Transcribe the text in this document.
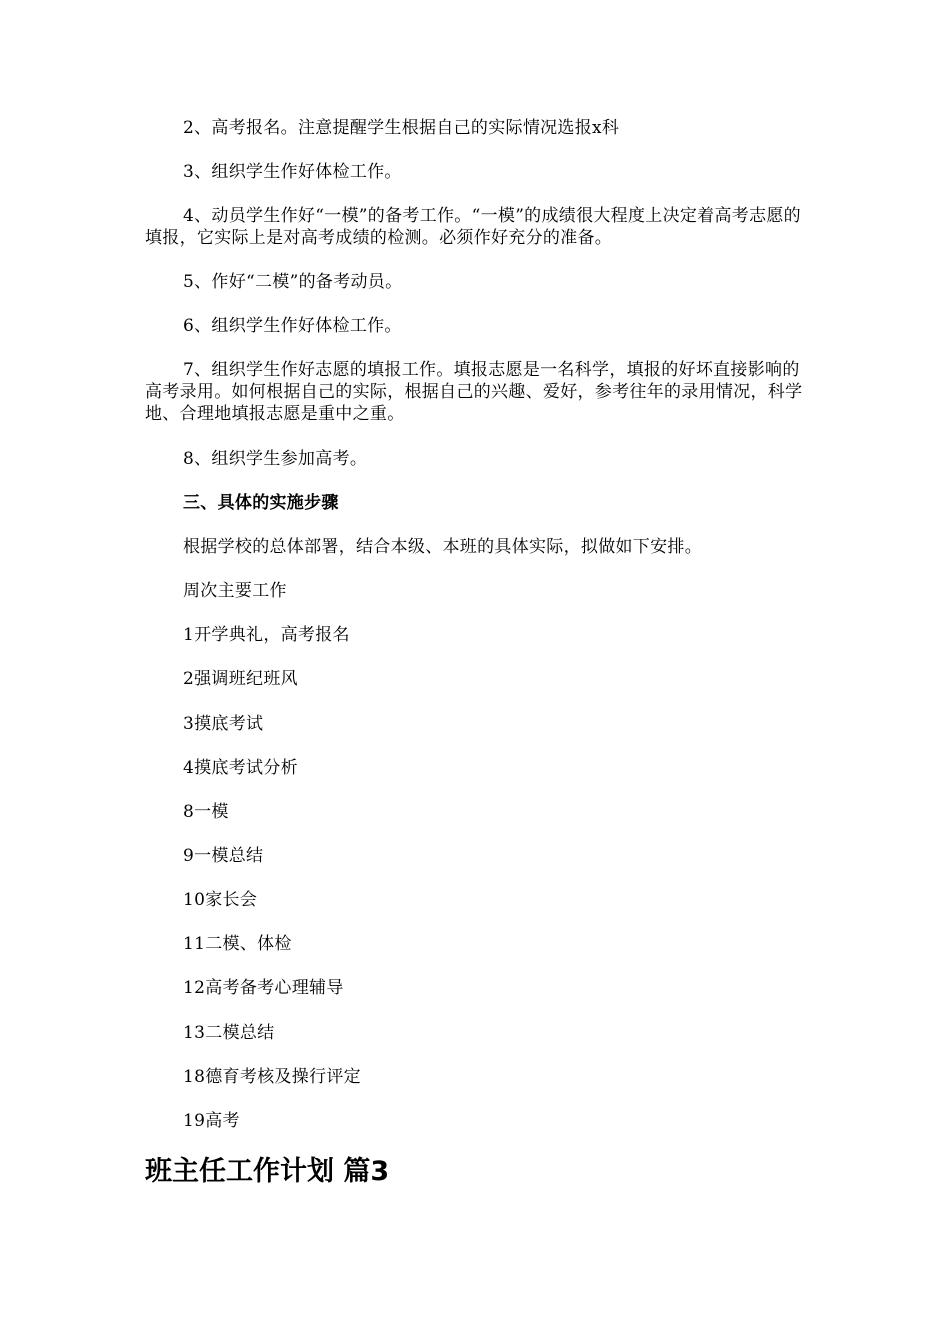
2、高考报名。注意提醒学生根据自己的实际情况选报x科

3、组织学生作好体检工作。

4、动员学生作好“一模”的备考工作。“一模”的成绩很大程度上决定着高考志愿的填报，它实际上是对高考成绩的检测。必须作好充分的准备。

5、作好“二模”的备考动员。

6、组织学生作好体检工作。

7、组织学生作好志愿的填报工作。填报志愿是一名科学，填报的好坏直接影响的高考录用。如何根据自己的实际，根据自己的兴趣、爱好，参考往年的录用情况，科学地、合理地填报志愿是重中之重。

8、组织学生参加高考。

三、具体的实施步骤

根据学校的总体部署，结合本级、本班的具体实际，拟做如下安排。

周次主要工作

1开学典礼，高考报名

2强调班纪班风

3摸底考试

4摸底考试分析

8一模

9一模总结

10家长会

11二模、体检

12高考备考心理辅导

13二模总结

18德育考核及操行评定

19高考

班主任工作计划 篇3
